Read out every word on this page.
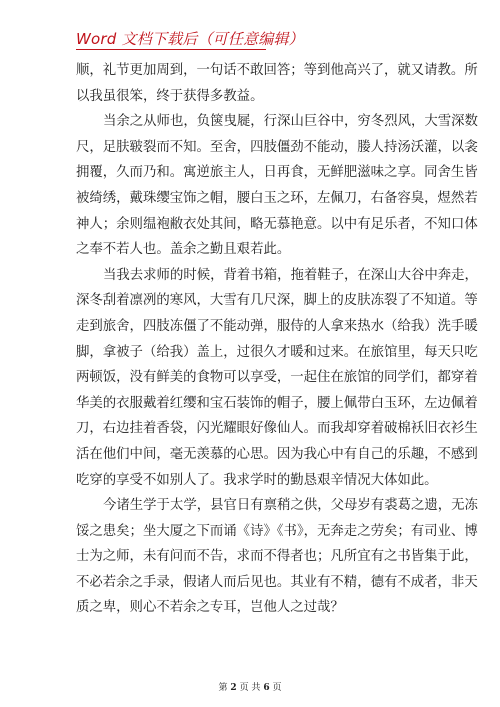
Word 文档下载后（可任意编辑）
顺，礼节更加周到，一句话不敢回答；等到他高兴了，就又请教。所
以我虽很笨，终于获得多教益。
当余之从师也，负箧曳屣，行深山巨谷中，穷冬烈风，大雪深数
尺，足肤皲裂而不知。至舍，四肢僵劲不能动，媵人持汤沃灌，以衾
拥覆，久而乃和。寓逆旅主人，日再食，无鲜肥滋味之享。同舍生皆
被绮绣，戴珠缨宝饰之帽，腰白玉之环，左佩刀，右备容臭，煜然若
神人；余则缊袍敝衣处其间，略无慕艳意。以中有足乐者，不知口体
之奉不若人也。盖余之勤且艰若此。
当我去求师的时候，背着书箱，拖着鞋子，在深山大谷中奔走，
深冬刮着凛冽的寒风，大雪有几尺深，脚上的皮肤冻裂了不知道。等
走到旅舍，四肢冻僵了不能动弹，服侍的人拿来热水（给我）洗手暖
脚，拿被子（给我）盖上，过很久才暖和过来。在旅馆里，每天只吃
两顿饭，没有鲜美的食物可以享受，一起住在旅馆的同学们，都穿着
华美的衣服戴着红缨和宝石装饰的帽子，腰上佩带白玉环，左边佩着
刀，右边挂着香袋，闪光耀眼好像仙人。而我却穿着破棉袄旧衣衫生
活在他们中间，毫无羡慕的心思。因为我心中有自己的乐趣，不感到
吃穿的享受不如别人了。我求学时的勤恳艰辛情况大体如此。
今诸生学于太学，县官日有禀稍之供，父母岁有裘葛之遗，无冻
馁之患矣；坐大厦之下而诵《诗》《书》，无奔走之劳矣；有司业、博
士为之师，未有问而不告，求而不得者也；凡所宜有之书皆集于此，
不必若余之手录，假诸人而后见也。其业有不精，德有不成者，非天
质之卑，则心不若余之专耳，岂他人之过哉？
第 2 页 共 6 页
